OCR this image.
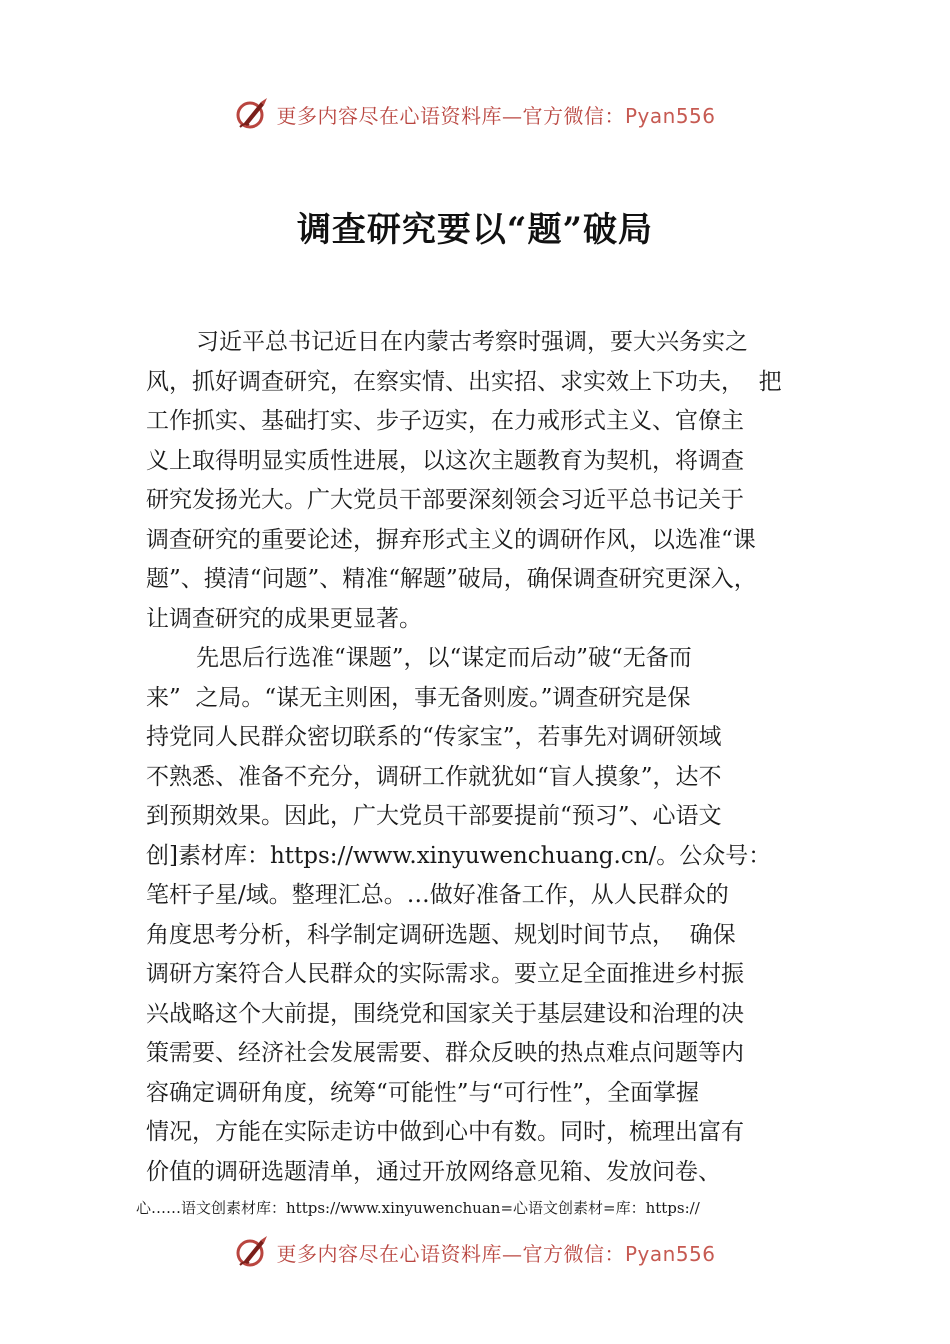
更多内容尽在心语资料库—官方微信：Pyan556
调查研究要以“题”破局
习近平总书记近日在内蒙古考察时强调，要大兴务实之
风，抓好调查研究，在察实情、出实招、求实效上下功夫，  把
工作抓实、基础打实、步子迈实，在力戒形式主义、官僚主
义上取得明显实质性进展，以这次主题教育为契机，将调查
研究发扬光大。广大党员干部要深刻领会习近平总书记关于
调查研究的重要论述，摒弃形式主义的调研作风，以选准“课
题”、摸清“问题”、精准“解题”破局，确保调查研究更深入，
让调查研究的成果更显著。
先思后行选准“课题”，以“谋定而后动”破“无备而
来”  之局。“谋无主则困，事无备则废。”调查研究是保
持党同人民群众密切联系的“传家宝”，若事先对调研领域
不熟悉、准备不充分，调研工作就犹如“盲人摸象”，达不
到预期效果。因此，广大党员干部要提前“预习”、心语文
创]素材库：https://www.xinyuwenchuang.cn/。公众号：
笔杆子星/域。整理汇总。…做好准备工作，从人民群众的
角度思考分析，科学制定调研选题、规划时间节点，  确保
调研方案符合人民群众的实际需求。要立足全面推进乡村振
兴战略这个大前提，围绕党和国家关于基层建设和治理的决
策需要、经济社会发展需要、群众反映的热点难点问题等内
容确定调研角度，统筹“可能性”与“可行性”，全面掌握
情况，方能在实际走访中做到心中有数。同时，梳理出富有
价值的调研选题清单，通过开放网络意见箱、发放问卷、
心……语文创素材库：https://www.xinyuwenchuan=心语文创素材=库：https://
更多内容尽在心语资料库—官方微信：Pyan556
